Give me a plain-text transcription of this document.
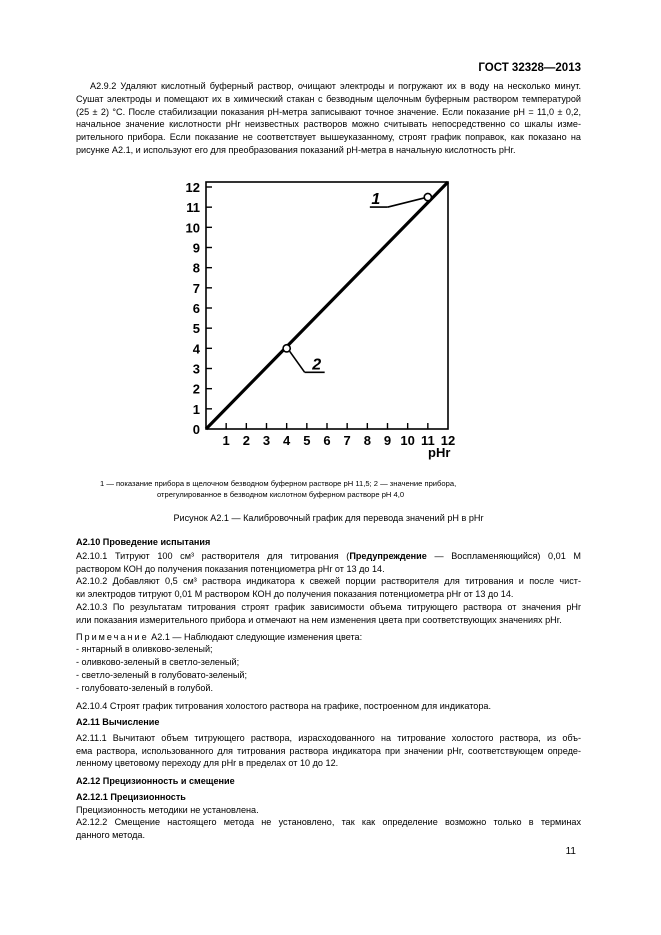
ГОСТ 32328—2013

А2.9.2 Удаляют кислотный буферный раствор, очищают электроды и погружают их в воду на несколько минут.

Сушат электроды и помещают их в химический стакан с безводным щелочным буферным раствором температурой

(25 ± 2) °С. После стабилизации показания рН-метра записывают точное значение. Если показание рН = 11,0 ± 0,2,

начальное значение кислотности рНr неизвестных растворов можно считывать непосредственно со шкалы изме-

рительного прибора. Если показание не соответствует вышеуказанному, строят график поправок, как показано на

рисунке А2.1, и используют его для преобразования показаний рН-метра в начальную кислотность рНr.

0
1
2
3
4
5
6
7
8
9
10
11
12
1 2 3 4 5 6 7 8 9 10 11 12
1
2
pHr

1 — показание прибора в щелочном безводном буферном растворе рН 11,5; 2 — значение прибора,

отрегулированное в безводном кислотном буферном растворе рН 4,0

Рисунок А2.1 — Калибровочный график для перевода значений рН в рНr

А2.10 Проведение испытания

А2.10.1 Титруют 100 см³ растворителя для титрования (Предупреждение — Воспламеняющийся) 0,01 М

раствором КОН до получения показания потенциометра рНr от 13 до 14.

А2.10.2 Добавляют 0,5 см³ раствора индикатора к свежей порции растворителя для титрования и после чист-

ки электродов титруют 0,01 М раствором КОН до получения показания потенциометра рНr от 13 до 14.

А2.10.3 По результатам титрования строят график зависимости объема титрующего раствора от значения рНr

или показания измерительного прибора и отмечают на нем изменения цвета при соответствующих значениях рНr.

Примечание А2.1 — Наблюдают следующие изменения цвета:

- янтарный в оливково-зеленый;

- оливково-зеленый в светло-зеленый;

- светло-зеленый в голубовато-зеленый;

- голубовато-зеленый в голубой.

А2.10.4 Строят график титрования холостого раствора на графике, построенном для индикатора.

А2.11 Вычисление

А2.11.1 Вычитают объем титрующего раствора, израсходованного на титрование холостого раствора, из объ-

ема раствора, использованного для титрования раствора индикатора при значении рНr, соответствующем опреде-

ленному цветовому переходу для рНr в пределах от 10 до 12.

А2.12 Прецизионность и смещение

А2.12.1 Прецизионность

Прецизионность методики не установлена.

А2.12.2 Смещение настоящего метода не установлено, так как определение возможно только в терминах

данного метода.

11
